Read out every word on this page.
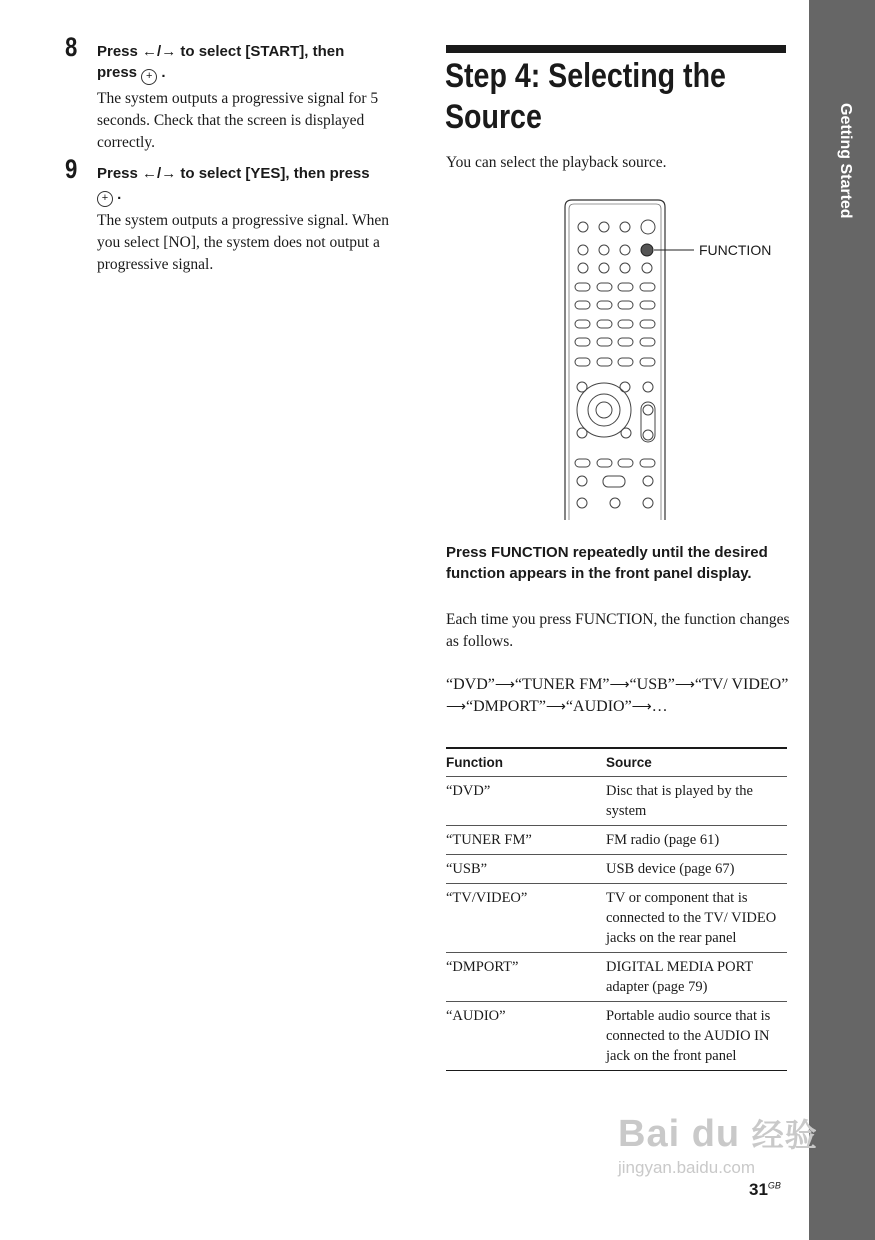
Getting Started
8 Press ←/→ to select [START], then
press + .
The system outputs a progressive signal for 5 seconds. Check that the screen is displayed correctly.
9 Press ←/→ to select [YES], then press
+ .
The system outputs a progressive signal. When you select [NO], the system does not output a progressive signal.
Step 4: Selecting the Source
You can select the playback source.
FUNCTION
Press FUNCTION repeatedly until the desired function appears in the front panel display.
Each time you press FUNCTION, the function changes as follows.
“DVD”⟶“TUNER FM”⟶“USB”⟶“TV/ VIDEO”⟶“DMPORT”⟶“AUDIO”⟶…
Function	Source
“DVD”	Disc that is played by the system
“TUNER FM”	FM radio (page 61)
“USB”	USB device (page 67)
“TV/VIDEO”	TV or component that is connected to the TV/ VIDEO jacks on the rear panel
“DMPORT”	DIGITAL MEDIA PORT adapter (page 79)
“AUDIO”	Portable audio source that is connected to the AUDIO IN jack on the front panel
Bai du 经验
jingyan.baidu.com
$31^{GB}$
